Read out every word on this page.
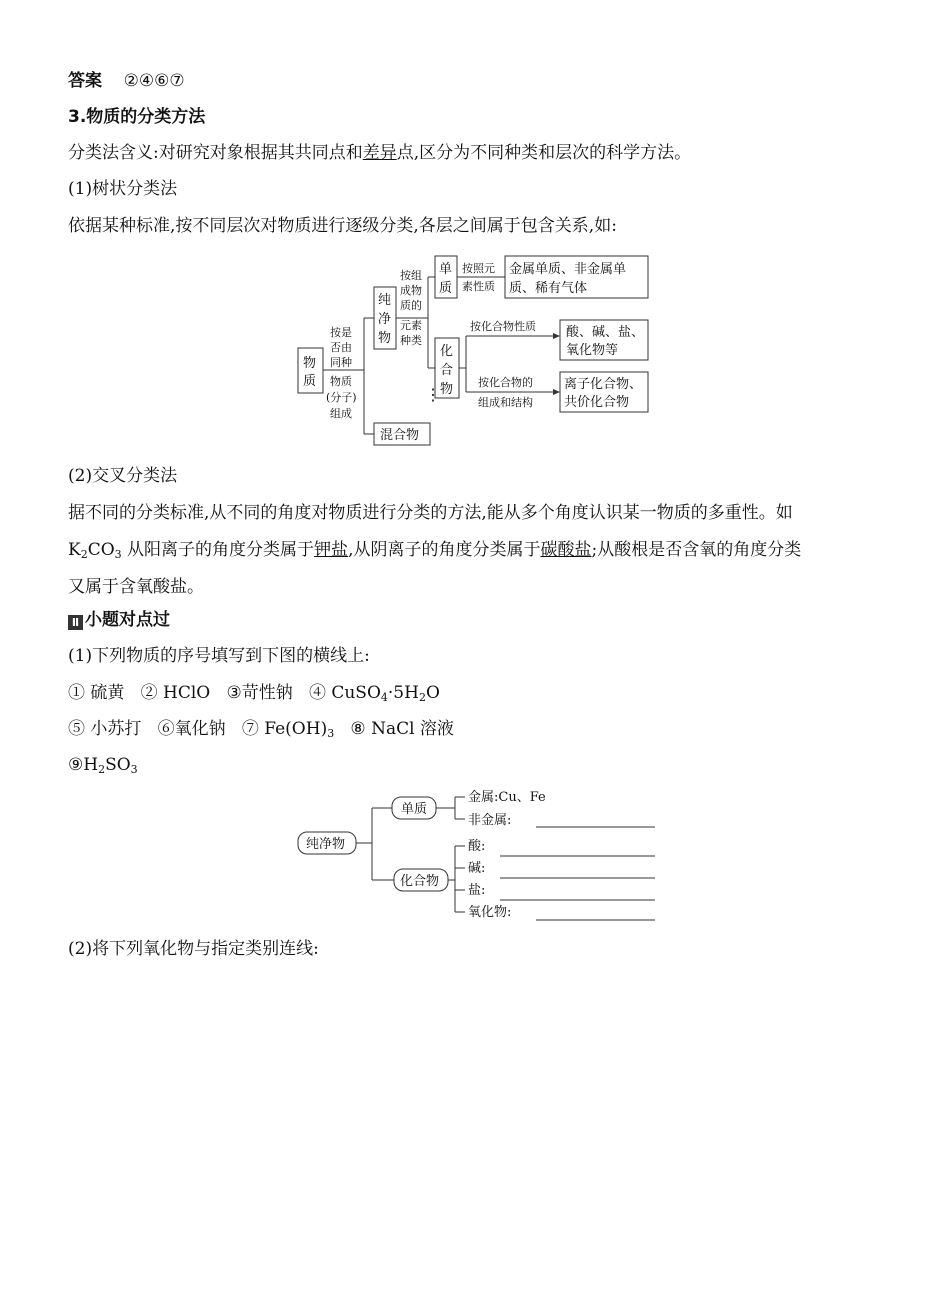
答案 ②④⑥⑦
3.物质的分类方法
分类法含义:对研究对象根据其共同点和差异点,区分为不同种类和层次的科学方法。
(1)树状分类法
依据某种标准,按不同层次对物质进行逐级分类,各层之间属于包含关系,如:
物
质
纯
净
物
混合物
单
质
金属单质、非金属单
质、稀有气体
化
合
物
酸、碱、盐、
氧化物等
离子化合物、
共价化合物
按是
否由
同种
物质
(分子)
组成
按组
成物
质的
元素
种类
按照元
素性质
按化合物性质
按化合物的
组成和结构
⋮
(2)交叉分类法
据不同的分类标准,从不同的角度对物质进行分类的方法,能从多个角度认识某一物质的多重性。如
$K_2CO_3$ 从阳离子的角度分类属于钾盐,从阴离子的角度分类属于碳酸盐;从酸根是否含氧的角度分类
又属于含氧酸盐。
Ⅱ 小题对点过
(1)下列物质的序号填写到下图的横线上:
① 硫黄 ② HClO ③苛性钠 ④ $CuSO_4\cdot 5H_2O$
⑤ 小苏打 ⑥氧化钠 ⑦ $Fe(OH)_3$ ⑧ NaCl 溶液
$⑨H_2SO_3$
纯净物
单质
化合物
金属:Cu、Fe
非金属:
酸:
碱:
盐:
氧化物:
(2)将下列氧化物与指定类别连线:
